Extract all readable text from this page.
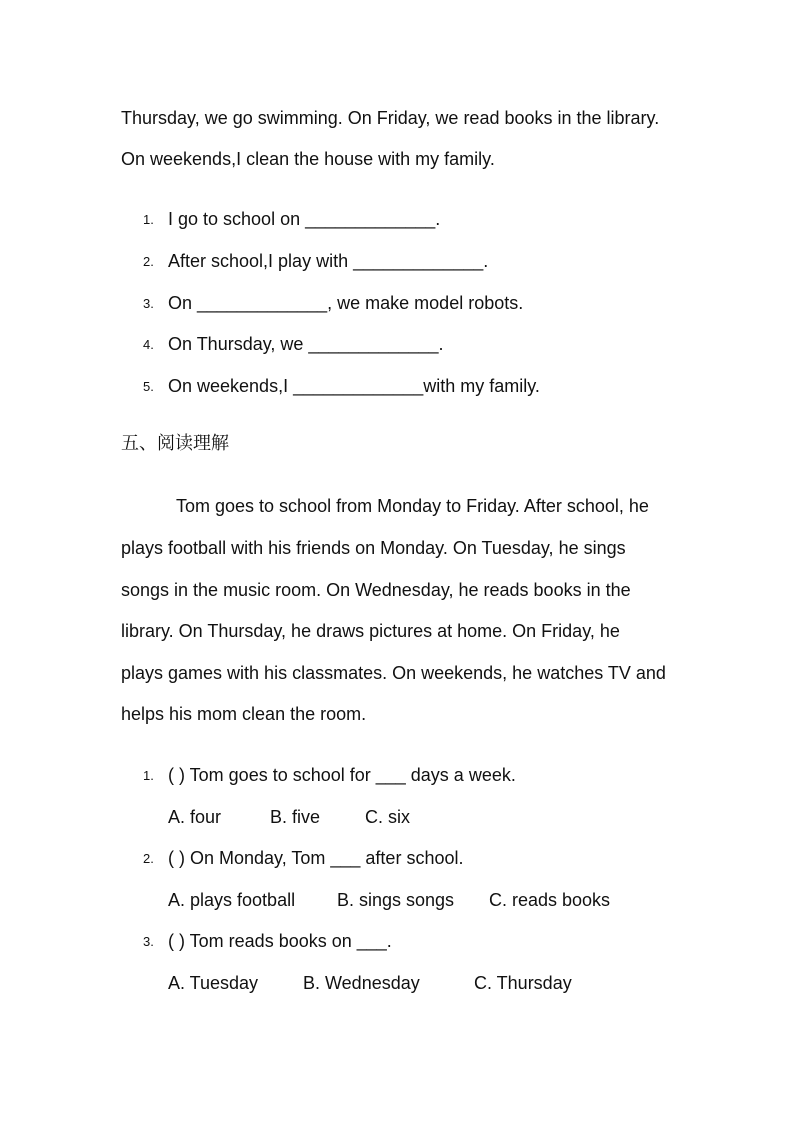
Thursday, we go swimming. On Friday, we read books in the library.
On weekends,I clean the house with my family.
1. I go to school on _____________.
2. After school,I play with _____________.
3. On _____________, we make model robots.
4. On Thursday, we _____________.
5. On weekends,I _____________with my family.
五、阅读理解
Tom goes to school from Monday to Friday. After school, he
plays football with his friends on Monday. On Tuesday, he sings
songs in the music room. On Wednesday, he reads books in the
library. On Thursday, he draws pictures at home. On Friday, he
plays games with his classmates. On weekends, he watches TV and
helps his mom clean the room.
1. ( ) Tom goes to school for ___ days a week.
A. four	B. five C. six
2. ( ) On Monday, Tom ___ after school.
A. plays football B. sings songs C. reads books
3. ( ) Tom reads books on ___.
A. Tuesday B. Wednesday	C. Thursday
